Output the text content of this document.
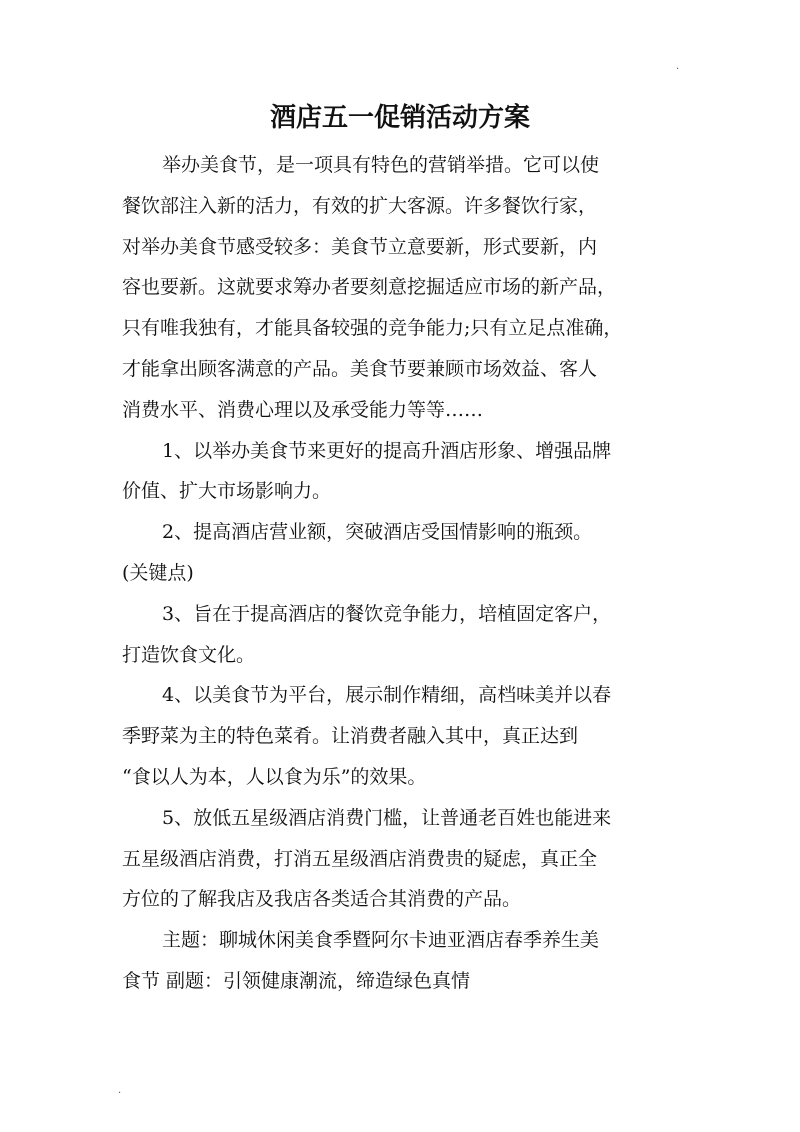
.
酒店五一促销活动方案
举办美食节，是一项具有特色的营销举措。它可以使
餐饮部注入新的活力，有效的扩大客源。许多餐饮行家，
对举办美食节感受较多：美食节立意要新，形式要新，内
容也要新。这就要求筹办者要刻意挖掘适应市场的新产品，
只有唯我独有，才能具备较强的竞争能力;只有立足点准确，
才能拿出顾客满意的产品。美食节要兼顾市场效益、客人
消费水平、消费心理以及承受能力等等……
1、以举办美食节来更好的提高升酒店形象、增强品牌
价值、扩大市场影响力。
2、提高酒店营业额，突破酒店受国情影响的瓶颈。
(关键点)
3、旨在于提高酒店的餐饮竞争能力，培植固定客户，
打造饮食文化。
4、以美食节为平台，展示制作精细，高档味美并以春
季野菜为主的特色菜肴。让消费者融入其中，真正达到
“食以人为本，人以食为乐”的效果。
5、放低五星级酒店消费门槛，让普通老百姓也能进来
五星级酒店消费，打消五星级酒店消费贵的疑虑，真正全
方位的了解我店及我店各类适合其消费的产品。
主题：聊城休闲美食季暨阿尔卡迪亚酒店春季养生美
食节 副题：引领健康潮流，缔造绿色真情
.
